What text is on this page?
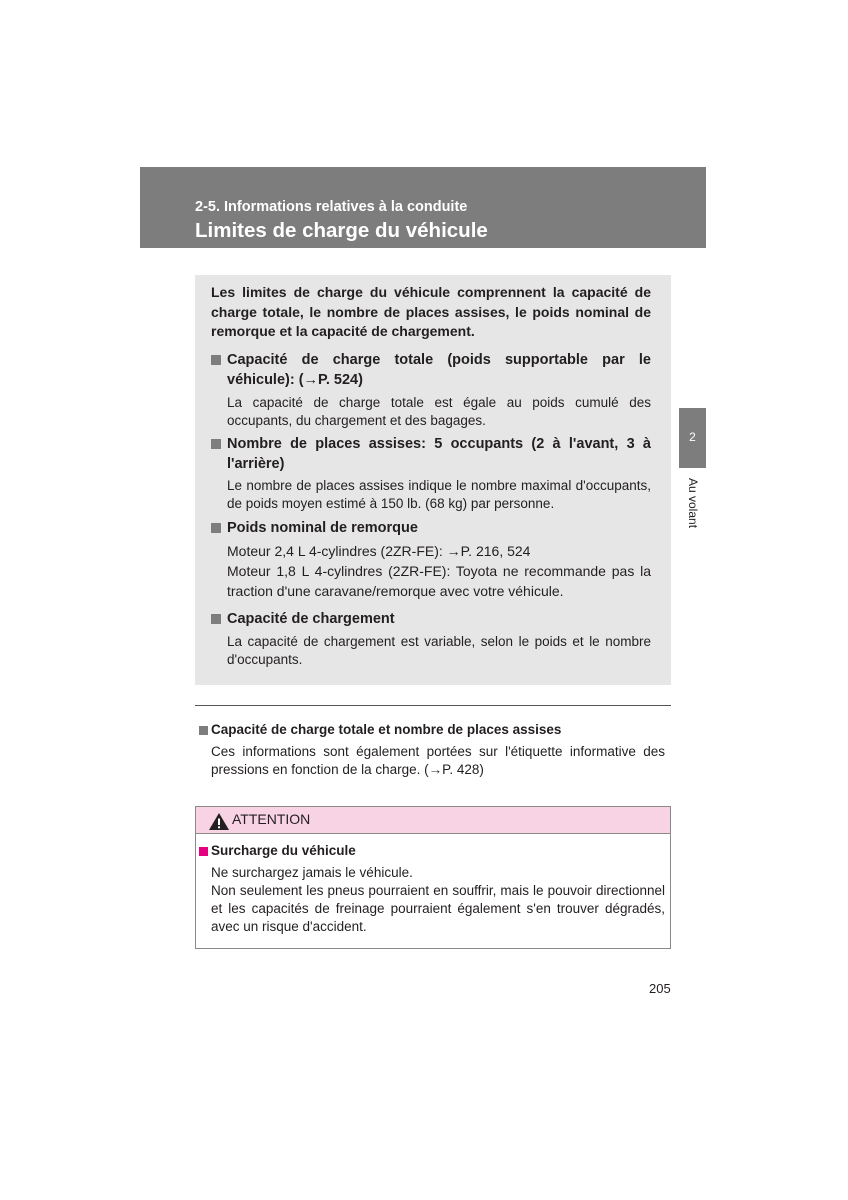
2-5. Informations relatives à la conduite
Limites de charge du véhicule
2
Au volant
Les limites de charge du véhicule comprennent la capacité de charge totale, le nombre de places assises, le poids nominal de remorque et la capacité de chargement.
Capacité de charge totale (poids supportable par le véhicule): (→P. 524)
La capacité de charge totale est égale au poids cumulé des occupants, du chargement et des bagages.
Nombre de places assises: 5 occupants (2 à l'avant, 3 à l'arrière)
Le nombre de places assises indique le nombre maximal d'occupants, de poids moyen estimé à 150 lb. (68 kg) par personne.
Poids nominal de remorque
Moteur 2,4 L 4-cylindres (2ZR-FE): →P. 216, 524
Moteur 1,8 L 4-cylindres (2ZR-FE): Toyota ne recommande pas la traction d'une caravane/remorque avec votre véhicule.
Capacité de chargement
La capacité de chargement est variable, selon le poids et le nombre d'occupants.
Capacité de charge totale et nombre de places assises
Ces informations sont également portées sur l'étiquette informative des pressions en fonction de la charge. (→P. 428)
ATTENTION
Surcharge du véhicule
Ne surchargez jamais le véhicule.
Non seulement les pneus pourraient en souffrir, mais le pouvoir directionnel et les capacités de freinage pourraient également s'en trouver dégradés, avec un risque d'accident.
205
